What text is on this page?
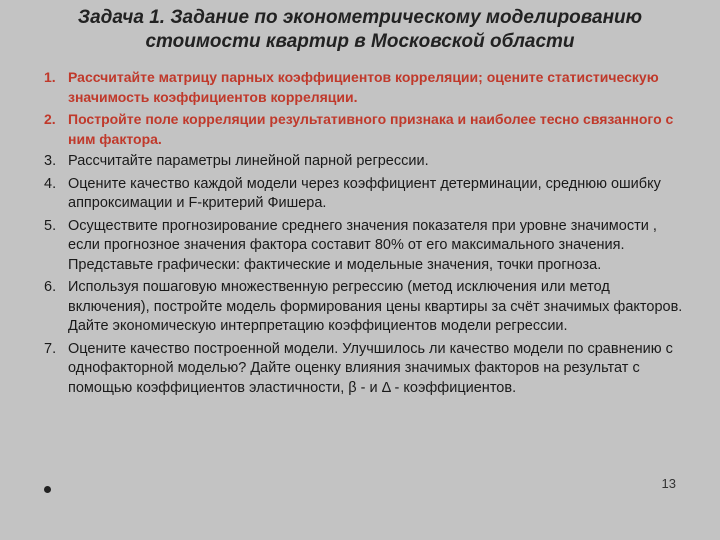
Задача 1. Задание по эконометрическому моделированию
стоимости квартир в Московской области
1. Рассчитайте матрицу парных коэффициентов корреляции; оцените статистическую значимость коэффициентов корреляции.
2. Постройте поле корреляции результативного признака и наиболее тесно связанного с ним фактора.
3. Рассчитайте параметры линейной парной регрессии.
4. Оцените качество каждой модели через коэффициент детерминации, среднюю ошибку аппроксимации и F-критерий Фишера.
5. Осуществите прогнозирование среднего значения показателя при уровне значимости , если прогнозное значения фактора составит 80% от его максимального значения. Представьте графически: фактические и модельные значения, точки прогноза.
6. Используя пошаговую множественную регрессию (метод исключения или метод включения), постройте модель формирования цены квартиры за счёт значимых факторов. Дайте экономическую интерпретацию коэффициентов модели регрессии.
7. Оцените качество построенной модели. Улучшилось ли качество модели по сравнению с однофакторной моделью? Дайте оценку влияния значимых факторов на результат с помощью коэффициентов эластичности, β - и Δ - коэффициентов.
13
